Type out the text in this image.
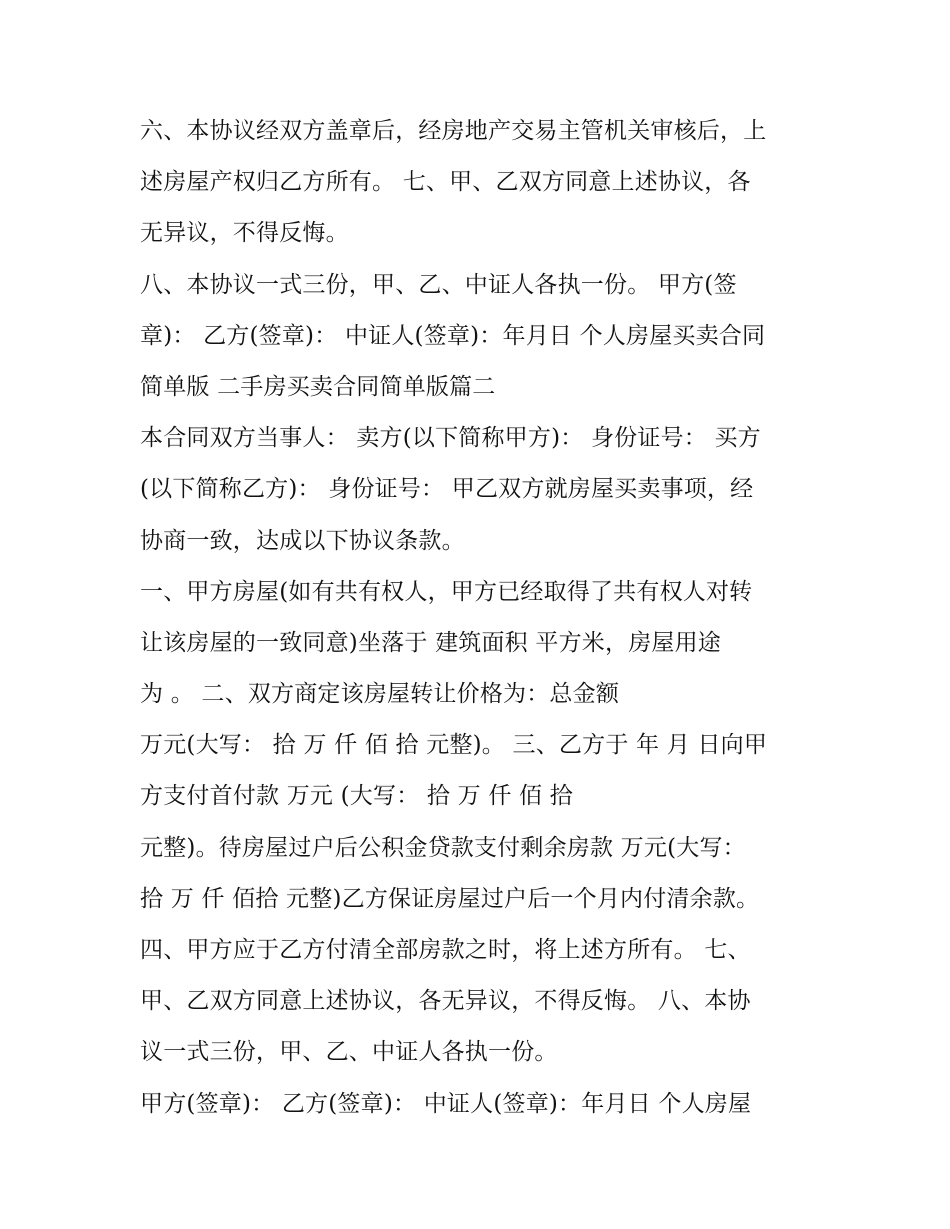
六、本协议经双方盖章后，经房地产交易主管机关审核后，上
述房屋产权归乙方所有。 七、甲、乙双方同意上述协议，各
无异议，不得反悔。
八、本协议一式三份，甲、乙、中证人各执一份。 甲方(签
章)： 乙方(签章)： 中证人(签章)：年月日 个人房屋买卖合同
简单版 二手房买卖合同简单版篇二
本合同双方当事人： 卖方(以下简称甲方)： 身份证号： 买方
(以下简称乙方)： 身份证号： 甲乙双方就房屋买卖事项，经
协商一致，达成以下协议条款。
一、甲方房屋(如有共有权人，甲方已经取得了共有权人对转
让该房屋的一致同意)坐落于 建筑面积 平方米，房屋用途
为 。 二、双方商定该房屋转让价格为：总金额
万元(大写： 拾 万 仟 佰 拾 元整)。 三、乙方于 年 月 日向甲
方支付首付款 万元 (大写： 拾 万 仟 佰 拾
元整)。待房屋过户后公积金贷款支付剩余房款 万元(大写：
拾 万 仟 佰拾 元整)乙方保证房屋过户后一个月内付清余款。
四、甲方应于乙方付清全部房款之时，将上述方所有。 七、
甲、乙双方同意上述协议，各无异议，不得反悔。 八、本协
议一式三份，甲、乙、中证人各执一份。
甲方(签章)： 乙方(签章)： 中证人(签章)：年月日 个人房屋
